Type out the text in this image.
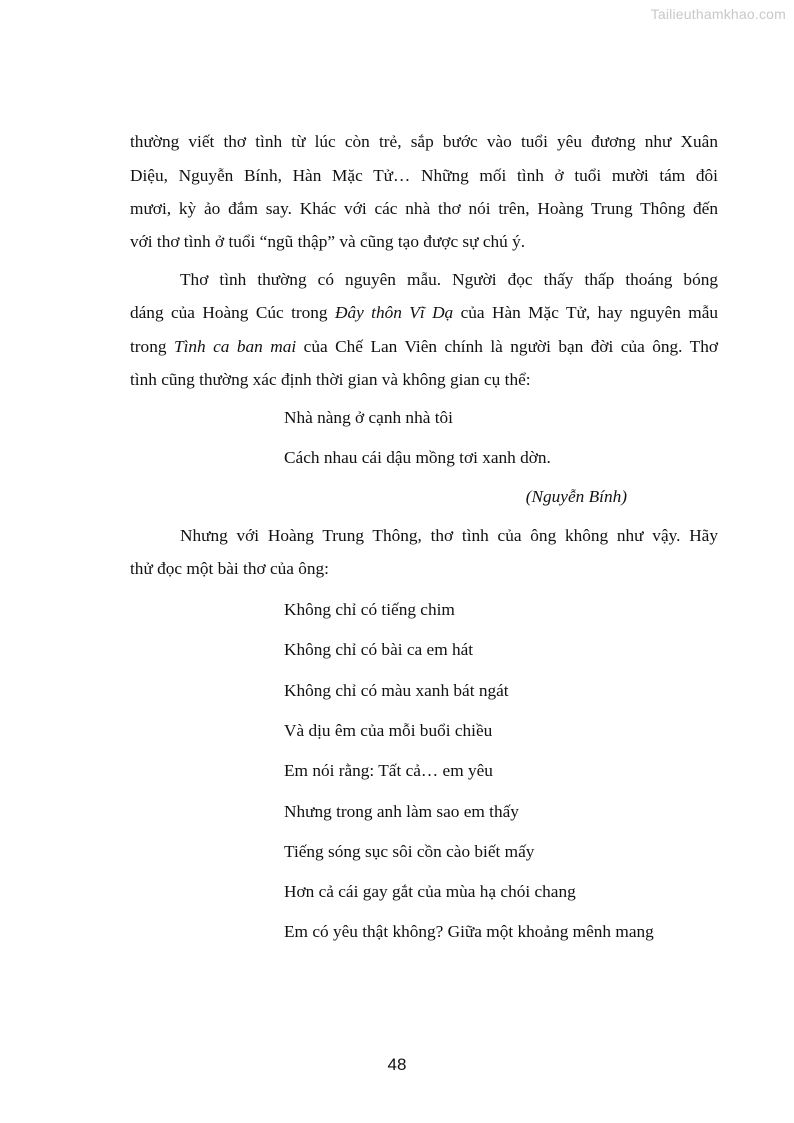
Tailieuthamkhao.com
thường viết thơ tình từ lúc còn trẻ, sắp bước vào tuổi yêu đương như Xuân
Diệu, Nguyễn Bính, Hàn Mặc Tử… Những mối tình ở tuổi mười tám đôi
mươi, kỳ ảo đắm say. Khác với các nhà thơ nói trên, Hoàng Trung Thông đến
với thơ tình ở tuổi “ngũ thập” và cũng tạo được sự chú ý.
Thơ tình thường có nguyên mẫu. Người đọc thấy thấp thoáng bóng
dáng của Hoàng Cúc trong Đây thôn Vĩ Dạ của Hàn Mặc Tử, hay nguyên mẫu
trong Tình ca ban mai của Chế Lan Viên chính là người bạn đời của ông. Thơ
tình cũng thường xác định thời gian và không gian cụ thể:
Nhà nàng ở cạnh nhà tôi
Cách nhau cái dậu mồng tơi xanh dờn.
(Nguyễn Bính)
Nhưng với Hoàng Trung Thông, thơ tình của ông không như vậy. Hãy
thử đọc một bài thơ của ông:
Không chỉ có tiếng chim
Không chỉ có bài ca em hát
Không chỉ có màu xanh bát ngát
Và dịu êm của mỗi buổi chiều
Em nói rằng: Tất cả… em yêu
Nhưng trong anh làm sao em thấy
Tiếng sóng sục sôi cồn cào biết mấy
Hơn cả cái gay gắt của mùa hạ chói chang
Em có yêu thật không? Giữa một khoảng mênh mang
48
